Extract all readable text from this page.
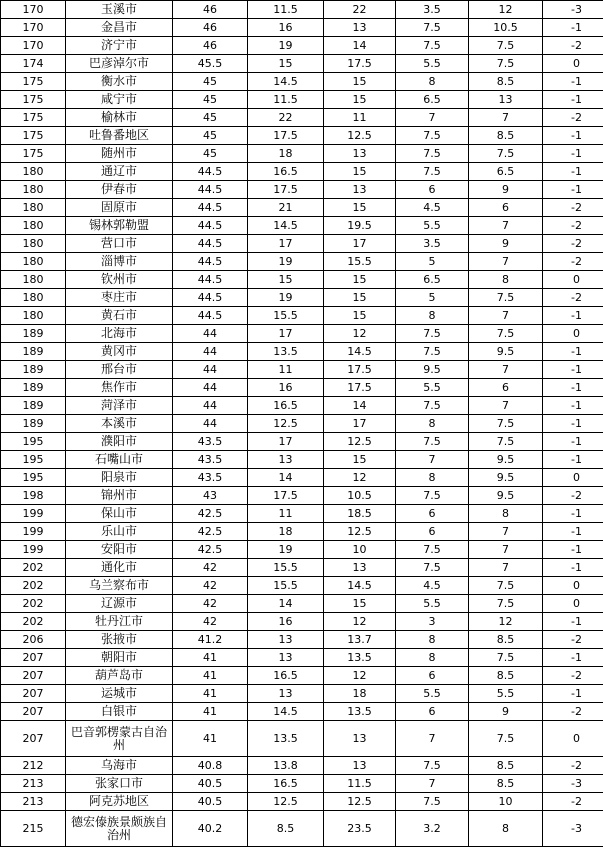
170	玉溪市	46	11.5	22	3.5	12	-3
170	金昌市	46	16	13	7.5	10.5	-1
170	济宁市	46	19	14	7.5	7.5	-2
174	巴彦淖尔市	45.5	15	17.5	5.5	7.5	0
175	衡水市	45	14.5	15	8	8.5	-1
175	咸宁市	45	11.5	15	6.5	13	-1
175	榆林市	45	22	11	7	7	-2
175	吐鲁番地区	45	17.5	12.5	7.5	8.5	-1
175	随州市	45	18	13	7.5	7.5	-1
180	通辽市	44.5	16.5	15	7.5	6.5	-1
180	伊春市	44.5	17.5	13	6	9	-1
180	固原市	44.5	21	15	4.5	6	-2
180	锡林郭勒盟	44.5	14.5	19.5	5.5	7	-2
180	营口市	44.5	17	17	3.5	9	-2
180	淄博市	44.5	19	15.5	5	7	-2
180	钦州市	44.5	15	15	6.5	8	0
180	枣庄市	44.5	19	15	5	7.5	-2
180	黄石市	44.5	15.5	15	8	7	-1
189	北海市	44	17	12	7.5	7.5	0
189	黄冈市	44	13.5	14.5	7.5	9.5	-1
189	邢台市	44	11	17.5	9.5	7	-1
189	焦作市	44	16	17.5	5.5	6	-1
189	菏泽市	44	16.5	14	7.5	7	-1
189	本溪市	44	12.5	17	8	7.5	-1
195	濮阳市	43.5	17	12.5	7.5	7.5	-1
195	石嘴山市	43.5	13	15	7	9.5	-1
195	阳泉市	43.5	14	12	8	9.5	0
198	锦州市	43	17.5	10.5	7.5	9.5	-2
199	保山市	42.5	11	18.5	6	8	-1
199	乐山市	42.5	18	12.5	6	7	-1
199	安阳市	42.5	19	10	7.5	7	-1
202	通化市	42	15.5	13	7.5	7	-1
202	乌兰察布市	42	15.5	14.5	4.5	7.5	0
202	辽源市	42	14	15	5.5	7.5	0
202	牡丹江市	42	16	12	3	12	-1
206	张掖市	41.2	13	13.7	8	8.5	-2
207	朝阳市	41	13	13.5	8	7.5	-1
207	葫芦岛市	41	16.5	12	6	8.5	-2
207	运城市	41	13	18	5.5	5.5	-1
207	白银市	41	14.5	13.5	6	9	-2
207	巴音郭楞蒙古自治州	41	13.5	13	7	7.5	0
212	乌海市	40.8	13.8	13	7.5	8.5	-2
213	张家口市	40.5	16.5	11.5	7	8.5	-3
213	阿克苏地区	40.5	12.5	12.5	7.5	10	-2
215	德宏傣族景颇族自治州	40.2	8.5	23.5	3.2	8	-3
